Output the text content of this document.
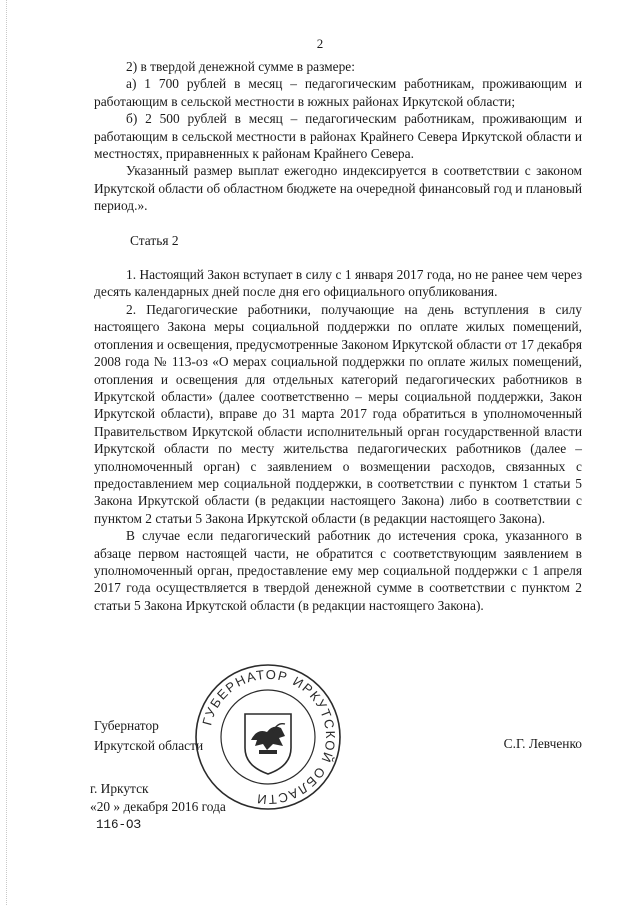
2

2) в твердой денежной сумме в размере:

а) 1 700 рублей в месяц – педагогическим работникам, проживающим и работающим в сельской местности в южных районах Иркутской области;

б) 2 500 рублей в месяц – педагогическим работникам, проживающим и работающим в сельской местности в районах Крайнего Севера Иркутской области и местностях, приравненных к районам Крайнего Севера.

Указанный размер выплат ежегодно индексируется в соответствии с законом Иркутской области об областном бюджете на очередной финансовый год и плановый период.».

Статья 2

1. Настоящий Закон вступает в силу с 1 января 2017 года, но не ранее чем через десять календарных дней после дня его официального опубликования.

2. Педагогические работники, получающие на день вступления в силу настоящего Закона меры социальной поддержки по оплате жилых помещений, отопления и освещения, предусмотренные Законом Иркутской области от 17 декабря 2008 года № 113-оз «О мерах социальной поддержки по оплате жилых помещений, отопления и освещения для отдельных категорий педагогических работников в Иркутской области» (далее соответственно – меры социальной поддержки, Закон Иркутской области), вправе до 31 марта 2017 года обратиться в уполномоченный Правительством Иркутской области исполнительный орган государственной власти Иркутской области по месту жительства педагогических работников (далее – уполномоченный орган) с заявлением о возмещении расходов, связанных с предоставлением мер социальной поддержки, в соответствии с пунктом 1 статьи 5 Закона Иркутской области (в редакции настоящего Закона) либо в соответствии с пунктом 2 статьи 5 Закона Иркутской области (в редакции настоящего Закона).

В случае если педагогический работник до истечения срока, указанного в абзаце первом настоящей части, не обратится с соответствующим заявлением в уполномоченный орган, предоставление ему мер социальной поддержки с 1 апреля 2017 года осуществляется в твердой денежной сумме в соответствии с пунктом 2 статьи 5 Закона Иркутской области (в редакции настоящего Закона).

Губернатор
Иркутской области	С.Г. Левченко
г. Иркутск
«20 » декабря 2016 года
116-ОЗ
ГУБЕРНАТОР ИРКУТСКОЙ ОБЛАСТИ
